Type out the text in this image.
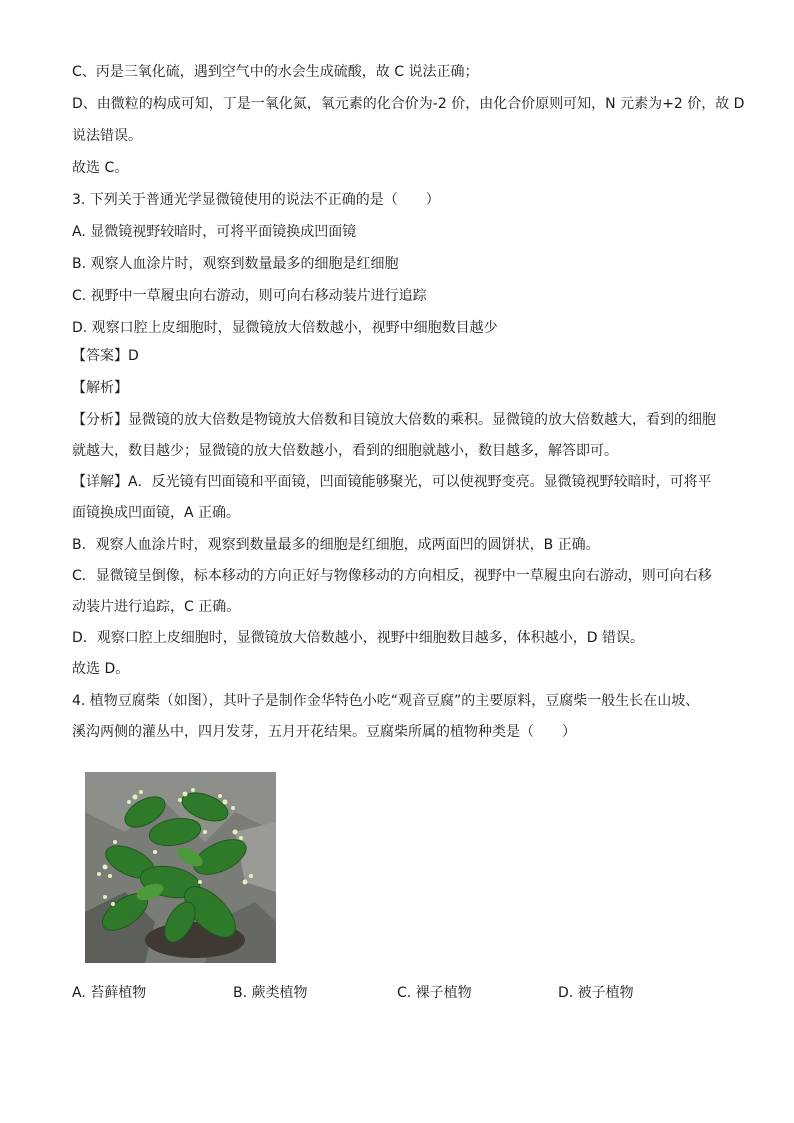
C、丙是三氧化硫，遇到空气中的水会生成硫酸，故 C 说法正确；
D、由微粒的构成可知，丁是一氧化氮，氧元素的化合价为-2 价，由化合价原则可知，N 元素为+2 价，故 D
说法错误。
故选 C。
3. 下列关于普通光学显微镜使用的说法不正确的是（　　）
A. 显微镜视野较暗时，可将平面镜换成凹面镜
B. 观察人血涂片时，观察到数量最多的细胞是红细胞
C. 视野中一草履虫向右游动，则可向右移动装片进行追踪
D. 观察口腔上皮细胞时，显微镜放大倍数越小，视野中细胞数目越少
【答案】D
【解析】
【分析】显微镜的放大倍数是物镜放大倍数和目镜放大倍数的乘积。显微镜的放大倍数越大，看到的细胞
就越大，数目越少；显微镜的放大倍数越小，看到的细胞就越小，数目越多，解答即可。
【详解】A．反光镜有凹面镜和平面镜，凹面镜能够聚光，可以使视野变亮。显微镜视野较暗时，可将平
面镜换成凹面镜，A 正确。
B．观察人血涂片时，观察到数量最多的细胞是红细胞，成两面凹的圆饼状，B 正确。
C．显微镜呈倒像，标本移动的方向正好与物像移动的方向相反，视野中一草履虫向右游动，则可向右移
动装片进行追踪，C 正确。
D．观察口腔上皮细胞时，显微镜放大倍数越小，视野中细胞数目越多，体积越小，D 错误。
故选 D。
4. 植物豆腐柴（如图），其叶子是制作金华特色小吃“观音豆腐”的主要原料，豆腐柴一般生长在山坡、
溪沟两侧的灌丛中，四月发芽，五月开花结果。豆腐柴所属的植物种类是（　　）
A. 苔藓植物	B. 蕨类植物	C. 裸子植物	D. 被子植物
